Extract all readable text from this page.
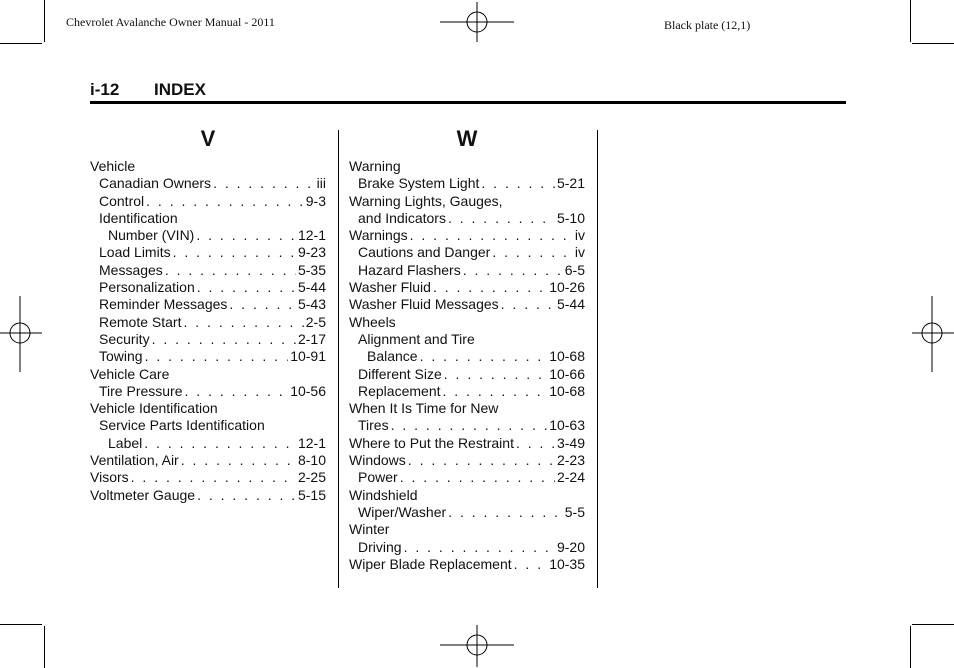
Chevrolet Avalanche Owner Manual - 2011	Black plate (12,1)
i-12 INDEX
V
Vehicle
Canadian Owners . . .	iii
Control . . .	9-3
Identification
Number (VIN) . . .	12-1
Load Limits . . .	9-23
Messages . . .	5-35
Personalization . . .	5-44
Reminder Messages . . .	5-43
Remote Start . . .	2-5
Security . . .	2-17
Towing . . .	10-91
Vehicle Care
Tire Pressure . . .	10-56
Vehicle Identification
Service Parts Identification
Label . . .	12-1
Ventilation, Air . . .	8-10
Visors . . .	2-25
Voltmeter Gauge . . .	5-15
W
Warning
Brake System Light . . .	5-21
Warning Lights, Gauges,
and Indicators . . .	5-10
Warnings . . .	iv
Cautions and Danger . . .	iv
Hazard Flashers . . .	6-5
Washer Fluid . . .	10-26
Washer Fluid Messages . . .	5-44
Wheels
Alignment and Tire
Balance . . .	10-68
Different Size . . .	10-66
Replacement . . .	10-68
When It Is Time for New
Tires . . .	10-63
Where to Put the Restraint . . .	3-49
Windows . . .	2-23
Power . . .	2-24
Windshield
Wiper/Washer . . .	5-5
Winter
Driving . . .	9-20
Wiper Blade Replacement . . .	10-35
